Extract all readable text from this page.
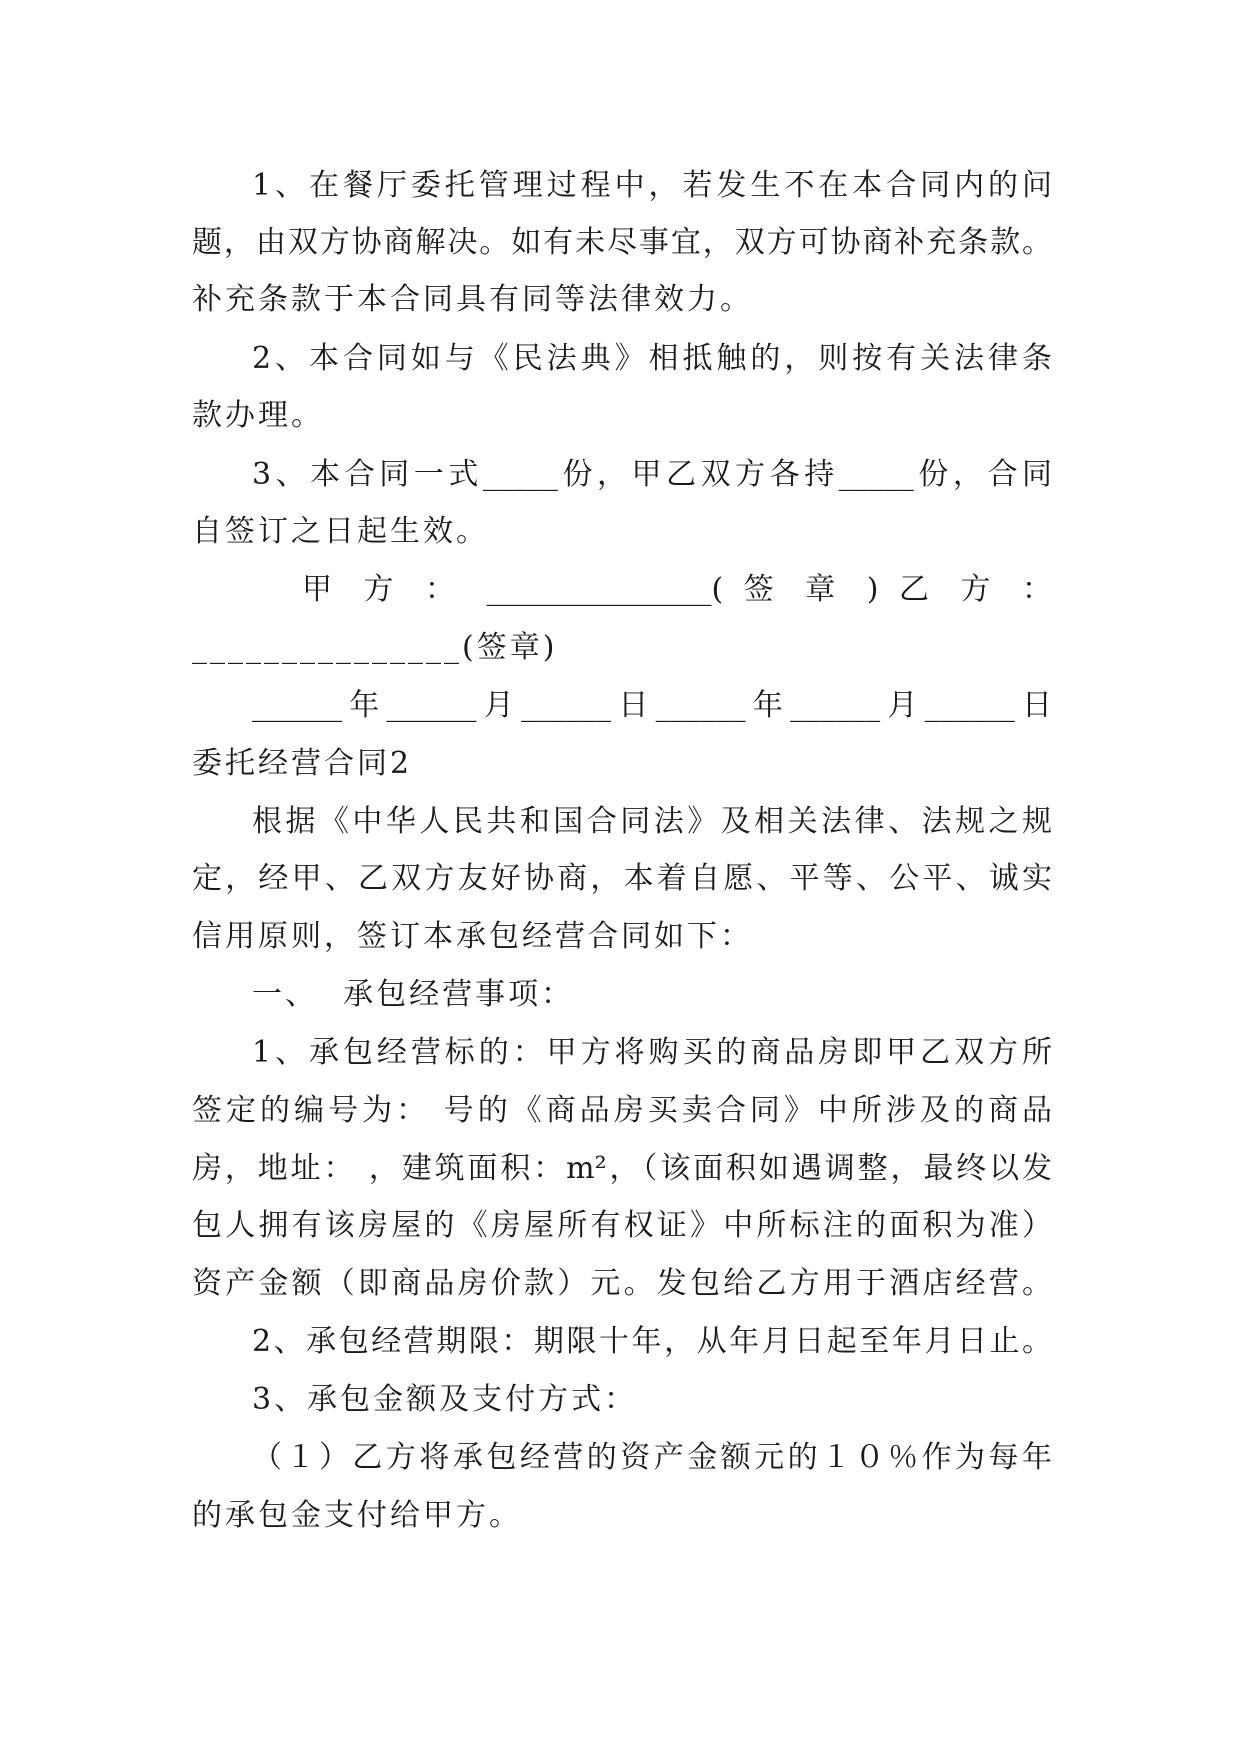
1、在餐厅委托管理过程中，若发生不在本合同内的问
题，由双方协商解决。如有未尽事宜，双方可协商补充条款。
补充条款于本合同具有同等法律效力。
2、本合同如与《民法典》相抵触的，则按有关法律条
款办理。
3、本合同一式_____份，甲乙双方各持_____份，合同
自签订之日起生效。
甲 方 ： _______________( 签 章 ) 乙 方 ：
_______________(签章)
______年______月______日______年______月______日
委托经营合同2
根据《中华人民共和国合同法》及相关法律、法规之规
定，经甲、乙双方友好协商，本着自愿、平等、公平、诚实
信用原则，签订本承包经营合同如下：
一、  承包经营事项：
1、承包经营标的：甲方将购买的商品房即甲乙双方所
签定的编号为： 号的《商品房买卖合同》中所涉及的商品
房，地址： ，建筑面积：m²，（该面积如遇调整，最终以发
包人拥有该房屋的《房屋所有权证》中所标注的面积为准）
资产金额（即商品房价款）元。发包给乙方用于酒店经营。
2、承包经营期限：期限十年，从年月日起至年月日止。
3、承包金额及支付方式：
（１）乙方将承包经营的资产金额元的１０％作为每年
的承包金支付给甲方。
